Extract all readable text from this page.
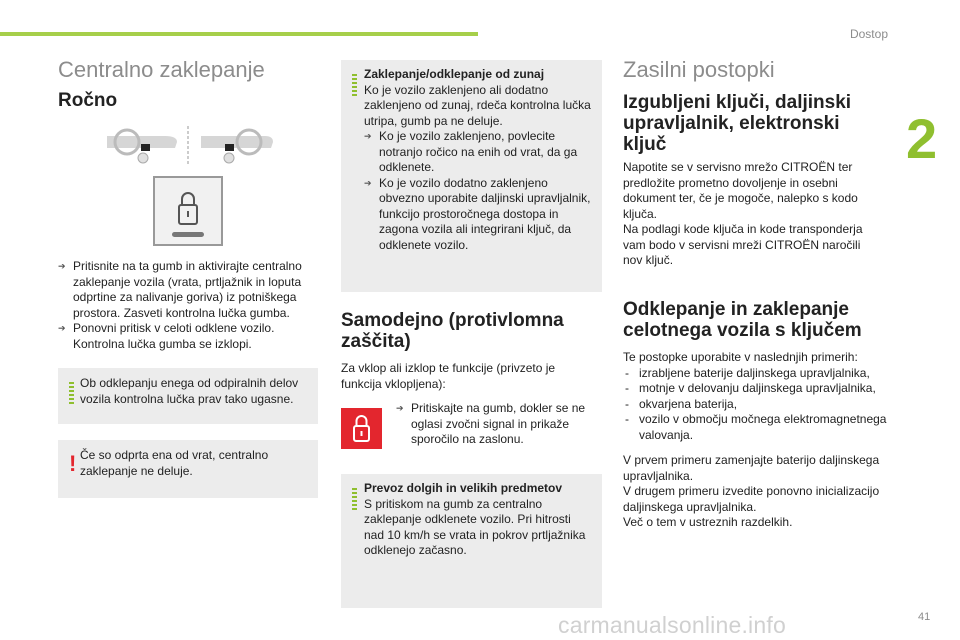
Dostop
2
41
carmanualsonline.info
Centralno zaklepanje
Ročno
➔ Pritisnite na ta gumb in aktivirajte centralno zaklepanje vozila (vrata, prtljažnik in loputa odprtine za nalivanje goriva) iz potniškega prostora. Zasveti kontrolna lučka gumba.
➔ Ponovni pritisk v celoti odklene vozilo. Kontrolna lučka gumba se izklopi.
Ob odklepanju enega od odpiralnih delov vozila kontrolna lučka prav tako ugasne.
! Če so odprta ena od vrat, centralno zaklepanje ne deluje.
Zaklepanje/odklepanje od zunaj
Ko je vozilo zaklenjeno ali dodatno zaklenjeno od zunaj, rdeča kontrolna lučka utripa, gumb pa ne deluje.
➔ Ko je vozilo zaklenjeno, povlecite notranjo ročico na enih od vrat, da ga odklenete.
➔ Ko je vozilo dodatno zaklenjeno obvezno uporabite daljinski upravljalnik, funkcijo prostoročnega dostopa in zagona vozila ali integrirani ključ, da odklenete vozilo.
Samodejno (protivlomna zaščita)
Za vklop ali izklop te funkcije (privzeto je funkcija vklopljena):
➔ Pritiskajte na gumb, dokler se ne oglasi zvočni signal in prikaže sporočilo na zaslonu.
Prevoz dolgih in velikih predmetov
S pritiskom na gumb za centralno zaklepanje odklenete vozilo. Pri hitrosti nad 10 km/h se vrata in pokrov prtljažnika odklenejo začasno.
Zasilni postopki
Izgubljeni ključi, daljinski upravljalnik, elektronski ključ
Napotite se v servisno mrežo CITROËN ter predložite prometno dovoljenje in osebni dokument ter, če je mogoče, nalepko s kodo ključa.
Na podlagi kode ključa in kode transponderja vam bodo v servisni mreži CITROËN naročili nov ključ.
Odklepanje in zaklepanje celotnega vozila s ključem
Te postopke uporabite v naslednjih primerih:
- izrabljene baterije daljinskega upravljalnika,
- motnje v delovanju daljinskega upravljalnika,
- okvarjena baterija,
- vozilo v območju močnega elektromagnetnega valovanja.
V prvem primeru zamenjajte baterijo daljinskega upravljalnika.
V drugem primeru izvedite ponovno inicializacijo daljinskega upravljalnika.
Več o tem v ustreznih razdelkih.
